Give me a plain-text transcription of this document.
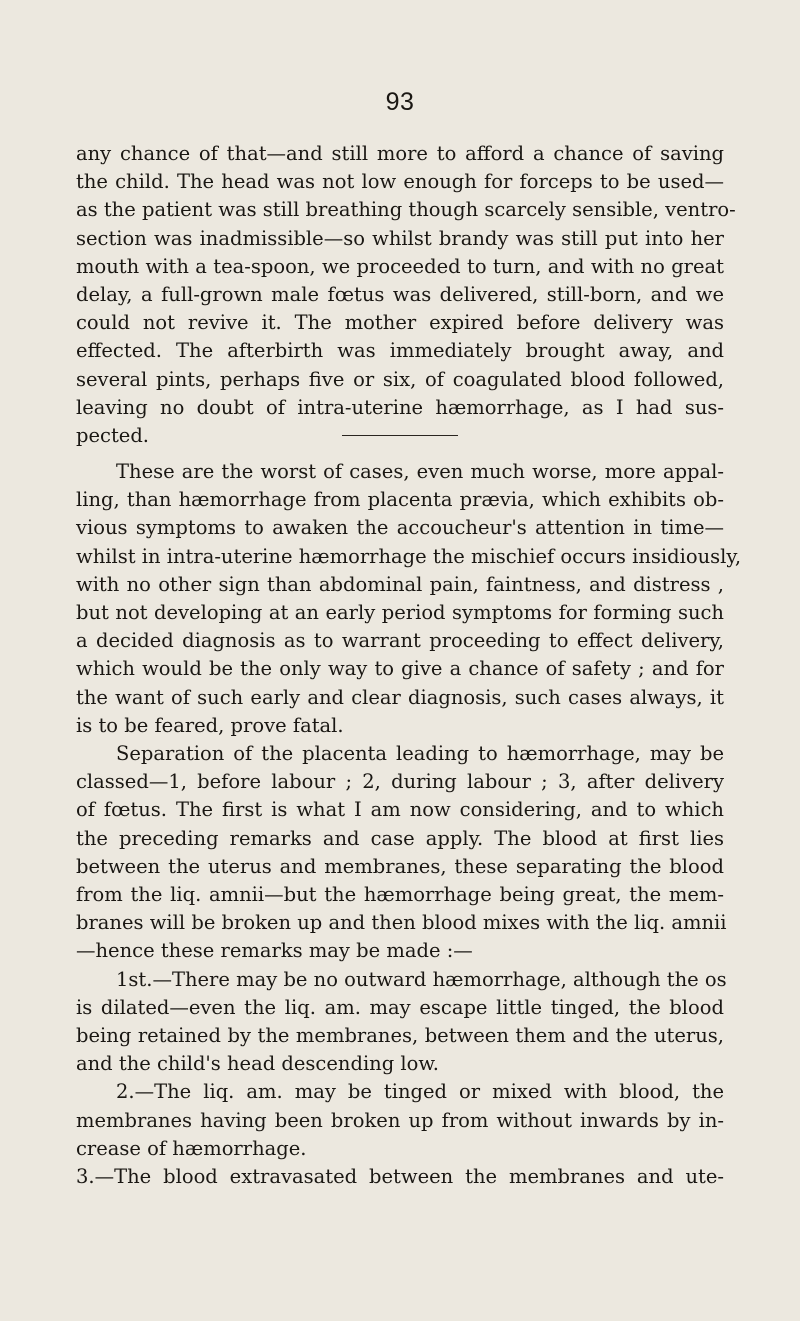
93
any chance of that—and still more to afford a chance of saving
the child. The head was not low enough for forceps to be used—
as the patient was still breathing though scarcely sensible, ventro-
section was inadmissible—so whilst brandy was still put into her
mouth with a tea-spoon, we proceeded to turn, and with no great
delay, a full-grown male fœtus was delivered, still-born, and we
could not revive it. The mother expired before delivery was
effected. The afterbirth was immediately brought away, and
several pints, perhaps five or six, of coagulated blood followed,
leaving no doubt of intra-uterine hæmorrhage, as I had sus-
pected.
These are the worst of cases, even much worse, more appal-
ling, than hæmorrhage from placenta prævia, which exhibits ob-
vious symptoms to awaken the accoucheur's attention in time—
whilst in intra-uterine hæmorrhage the mischief occurs insidiously,
with no other sign than abdominal pain, faintness, and distress ,
but not developing at an early period symptoms for forming such
a decided diagnosis as to warrant proceeding to effect delivery,
which would be the only way to give a chance of safety ; and for
the want of such early and clear diagnosis, such cases always, it
is to be feared, prove fatal.
Separation of the placenta leading to hæmorrhage, may be
classed—1, before labour ; 2, during labour ; 3, after delivery
of fœtus. The first is what I am now considering, and to which
the preceding remarks and case apply. The blood at first lies
between the uterus and membranes, these separating the blood
from the liq. amnii—but the hæmorrhage being great, the mem-
branes will be broken up and then blood mixes with the liq. amnii
—hence these remarks may be made :—
1st.—There may be no outward hæmorrhage, although the os
is dilated—even the liq. am. may escape little tinged, the blood
being retained by the membranes, between them and the uterus,
and the child's head descending low.
2.—The liq. am. may be tinged or mixed with blood, the
membranes having been broken up from without inwards by in-
crease of hæmorrhage.
3.—The blood extravasated between the membranes and ute-
